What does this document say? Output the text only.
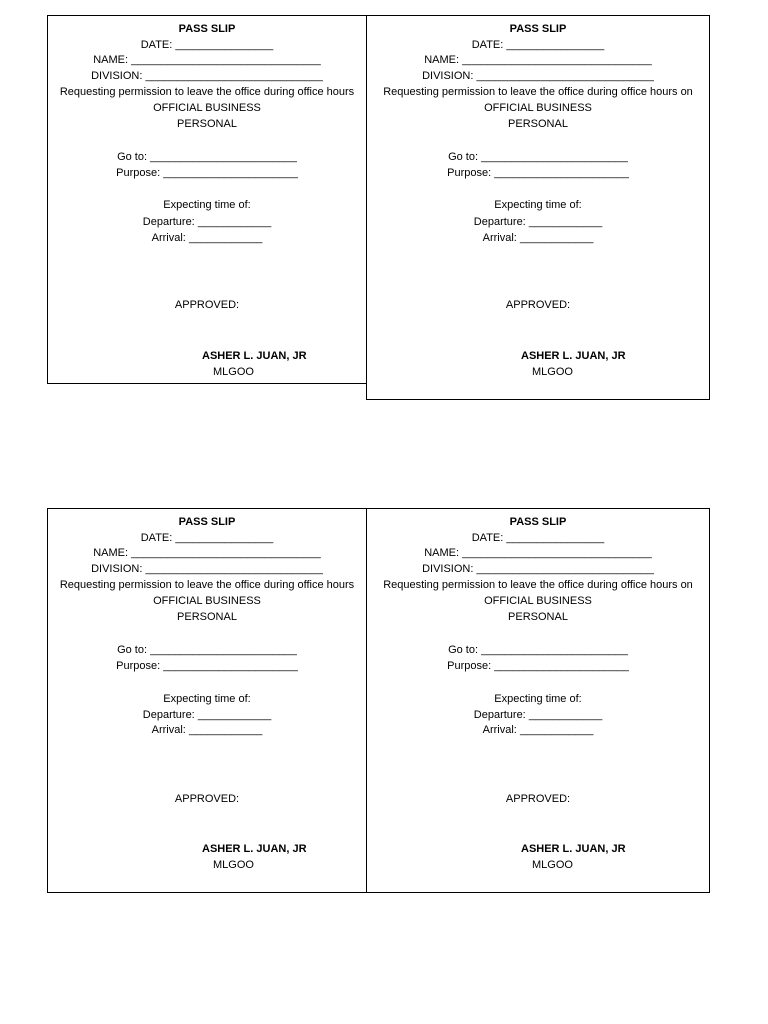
PASS SLIP
DATE: ________________
NAME: _______________________________
DIVISION: _____________________________
Requesting permission to leave the office during office hours
OFFICIAL BUSINESS
PERSONAL
Go to: ________________________
Purpose: ______________________
Expecting time of:
Departure: ____________
Arrival: ____________
APPROVED:
ASHER L. JUAN, JR
MLGOO
PASS SLIP
DATE: ________________
NAME: _______________________________
DIVISION: _____________________________
Requesting permission to leave the office during office hours on
OFFICIAL BUSINESS
PERSONAL
Go to: ________________________
Purpose: ______________________
Expecting time of:
Departure: ____________
Arrival: ____________
APPROVED:
ASHER L. JUAN, JR
MLGOO
PASS SLIP
DATE: ________________
NAME: _______________________________
DIVISION: _____________________________
Requesting permission to leave the office during office hours
OFFICIAL BUSINESS
PERSONAL
Go to: ________________________
Purpose: ______________________
Expecting time of:
Departure: ____________
Arrival: ____________
APPROVED:
ASHER L. JUAN, JR
MLGOO
PASS SLIP
DATE: ________________
NAME: _______________________________
DIVISION: _____________________________
Requesting permission to leave the office during office hours on
OFFICIAL BUSINESS
PERSONAL
Go to: ________________________
Purpose: ______________________
Expecting time of:
Departure: ____________
Arrival: ____________
APPROVED:
ASHER L. JUAN, JR
MLGOO
